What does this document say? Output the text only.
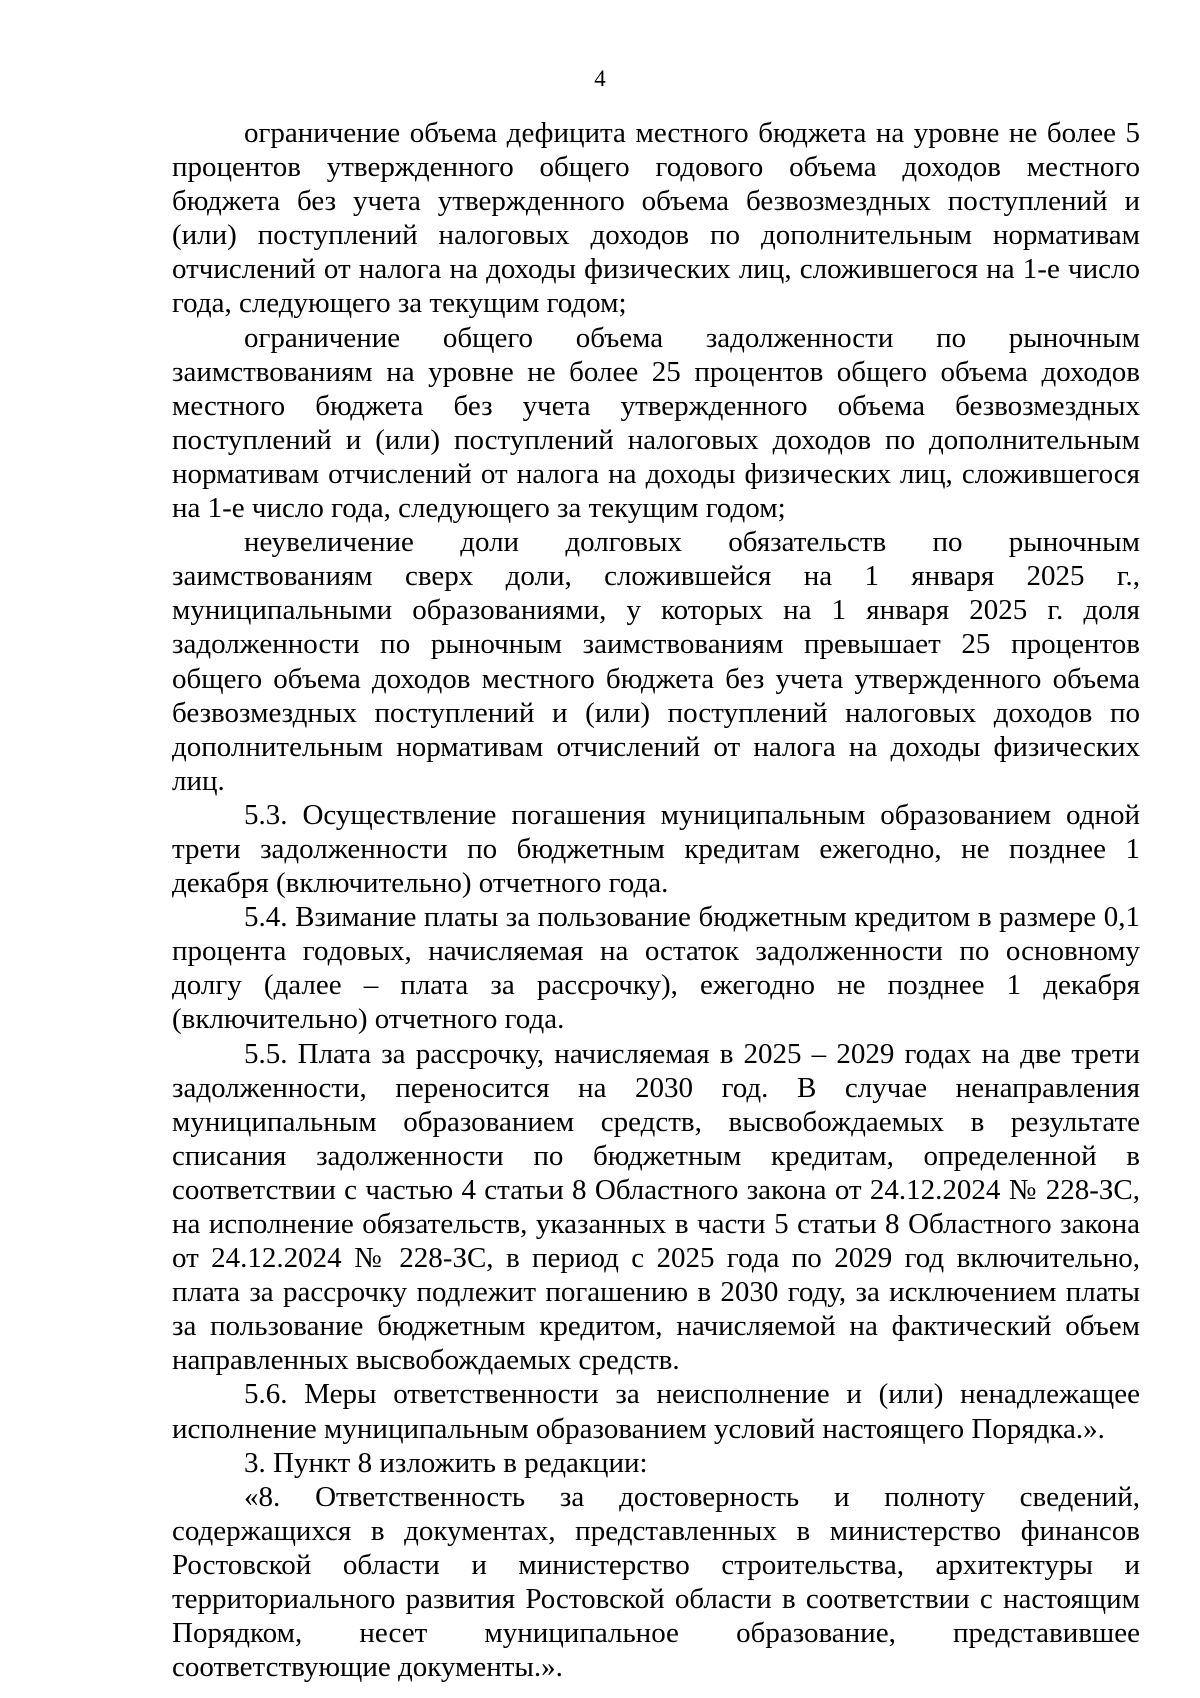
4

ограничение объема дефицита местного бюджета на уровне не более 5 процентов утвержденного общего годового объема доходов местного бюджета без учета утвержденного объема безвозмездных поступлений и (или) поступлений налоговых доходов по дополнительным нормативам отчислений от налога на доходы физических лиц, сложившегося на 1-е число года, следующего за текущим годом;

ограничение общего объема задолженности по рыночным заимствованиям на уровне не более 25 процентов общего объема доходов местного бюджета без учета утвержденного объема безвозмездных поступлений и (или) поступлений налоговых доходов по дополнительным нормативам отчислений от налога на доходы физических лиц, сложившегося на 1-е число года, следующего за текущим годом;

неувеличение доли долговых обязательств по рыночным заимствованиям сверх доли, сложившейся на 1 января 2025 г., муниципальными образованиями, у которых на 1 января 2025 г. доля задолженности по рыночным заимствованиям превышает 25 процентов общего объема доходов местного бюджета без учета утвержденного объема безвозмездных поступлений и (или) поступлений налоговых доходов по дополнительным нормативам отчислений от налога на доходы физических лиц.

5.3. Осуществление погашения муниципальным образованием одной трети задолженности по бюджетным кредитам ежегодно, не позднее 1 декабря (включительно) отчетного года.

5.4. Взимание платы за пользование бюджетным кредитом в размере 0,1 процента годовых, начисляемая на остаток задолженности по основному долгу (далее – плата за рассрочку), ежегодно не позднее 1 декабря (включительно) отчетного года.

5.5. Плата за рассрочку, начисляемая в 2025 – 2029 годах на две трети задолженности, переносится на 2030 год. В случае ненаправления муниципальным образованием средств, высвобождаемых в результате списания задолженности по бюджетным кредитам, определенной в соответствии с частью 4 статьи 8 Областного закона от 24.12.2024 № 228-ЗС, на исполнение обязательств, указанных в части 5 статьи 8 Областного закона от 24.12.2024 № 228-ЗС, в период с 2025 года по 2029 год включительно, плата за рассрочку подлежит погашению в 2030 году, за исключением платы за пользование бюджетным кредитом, начисляемой на фактический объем направленных высвобождаемых средств.

5.6. Меры ответственности за неисполнение и (или) ненадлежащее исполнение муниципальным образованием условий настоящего Порядка.».

3. Пункт 8 изложить в редакции:

«8. Ответственность за достоверность и полноту сведений, содержащихся в документах, представленных в министерство финансов Ростовской области и министерство строительства, архитектуры и территориального развития Ростовской области в соответствии с настоящим Порядком, несет муниципальное образование, представившее соответствующие документы.».
